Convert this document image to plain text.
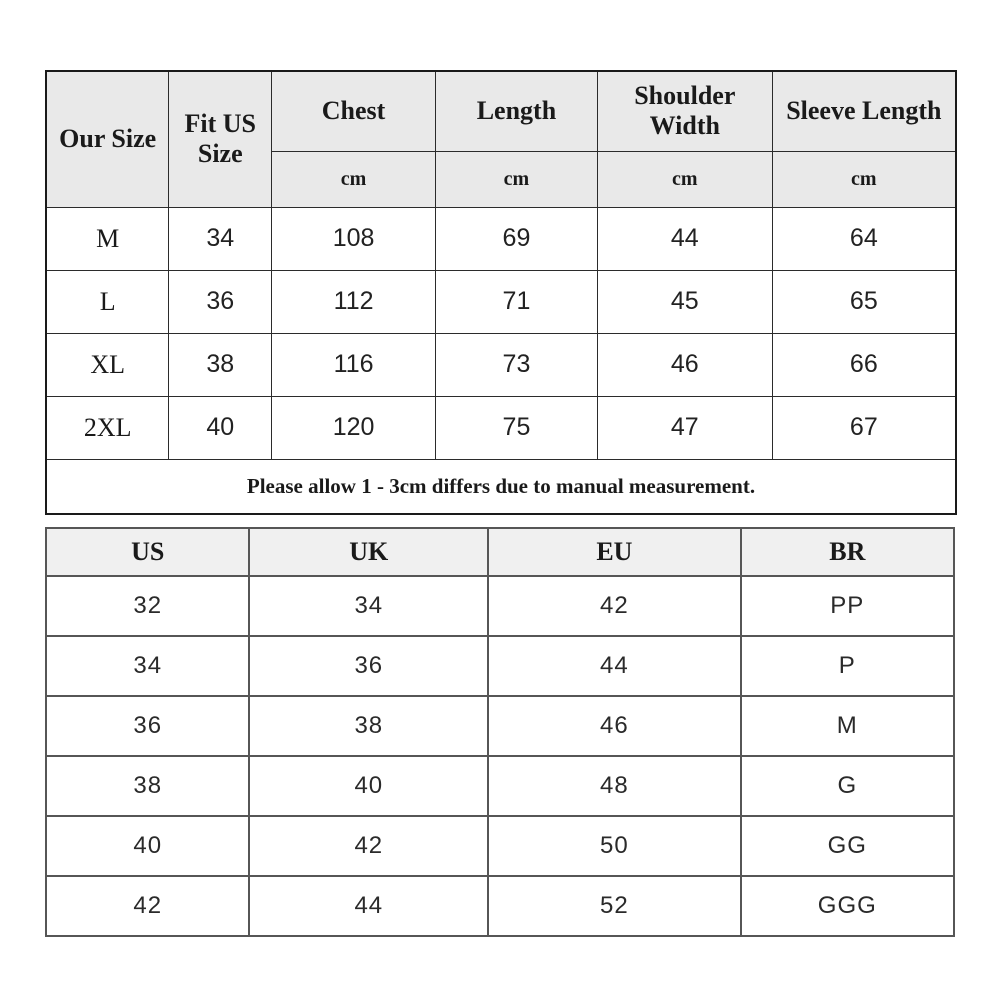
Our Size	Fit US Size	Chest	Length	Shoulder Width	Sleeve Length
		cm	cm	cm	cm
M	34	108	69	44	64
L	36	112	71	45	65
XL	38	116	73	46	66
2XL	40	120	75	47	67
Please allow 1 - 3cm differs due to manual measurement.					
US	UK	EU	BR
32	34	42	PP
34	36	44	P
36	38	46	M
38	40	48	G
40	42	50	GG
42	44	52	GGG
